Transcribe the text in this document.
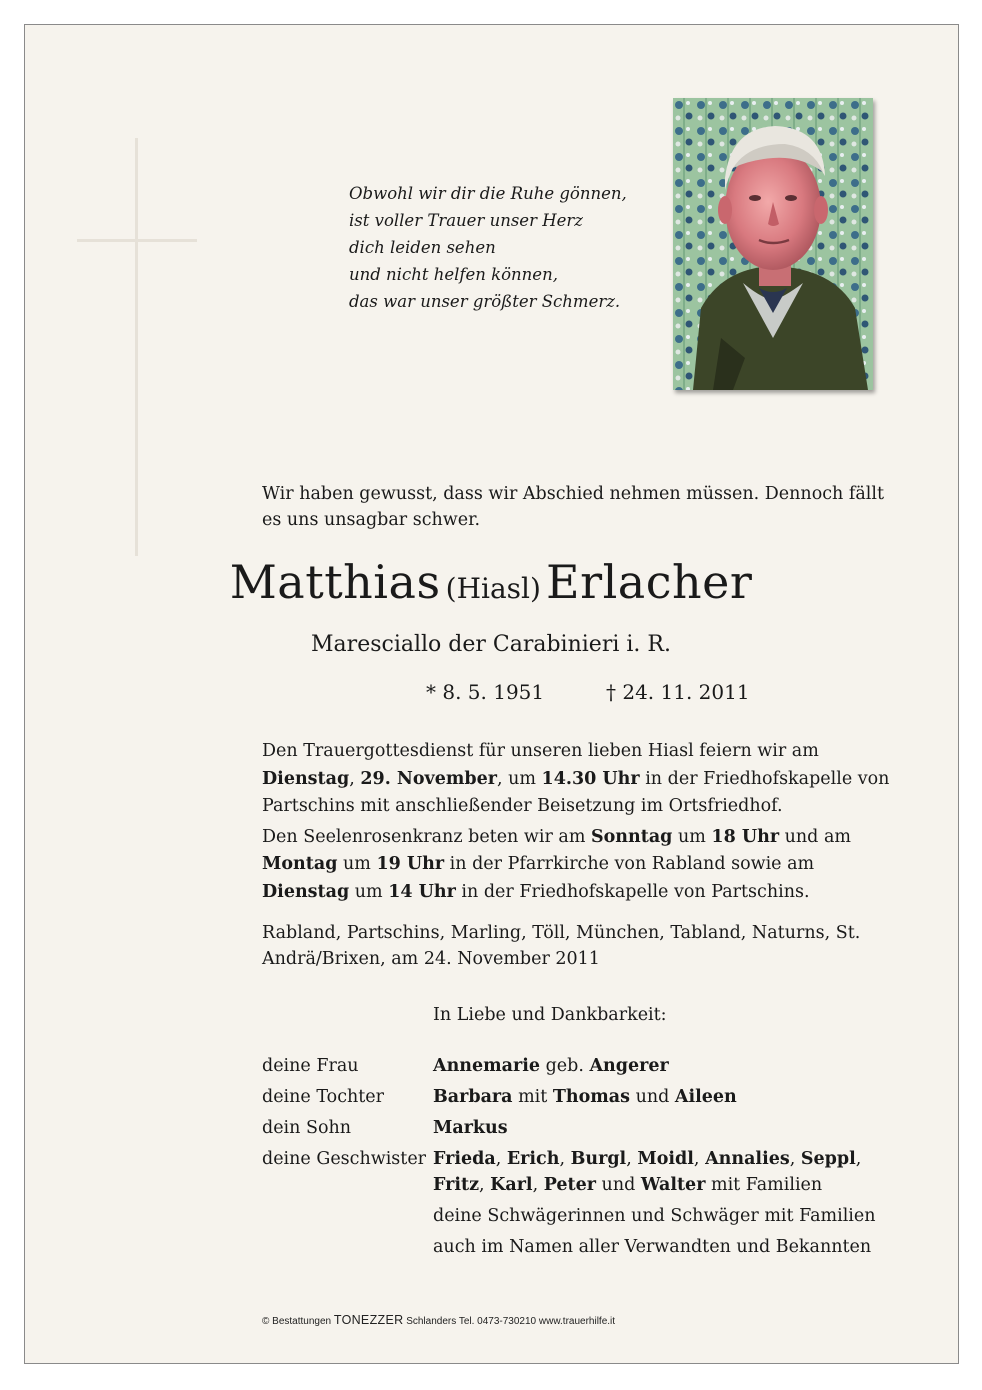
Obwohl wir dir die Ruhe gönnen,
ist voller Trauer unser Herz
dich leiden sehen
und nicht helfen können,
das war unser größter Schmerz.
Wir haben gewusst, dass wir Abschied nehmen müssen. Dennoch fällt es uns unsagbar schwer.
Matthias (Hiasl) Erlacher
Maresciallo der Carabinieri i. R.
* 8. 5. 1951	† 24. 11. 2011

Den Trauergottesdienst für unseren lieben Hiasl feiern wir am Dienstag, 29. November, um 14.30 Uhr in der Friedhofskapelle von Partschins mit anschließender Beisetzung im Ortsfriedhof.

Den Seelenrosenkranz beten wir am Sonntag um 18 Uhr und am Montag um 19 Uhr in der Pfarrkirche von Rabland sowie am Dienstag um 14 Uhr in der Friedhofskapelle von Partschins.

Rabland, Partschins, Marling, Töll, München, Tabland, Naturns, St. Andrä/Brixen, am 24. November 2011
In Liebe und Dankbarkeit:
deine Frau	Annemarie geb. Angerer
deine Tochter	Barbara mit Thomas und Aileen
dein Sohn	Markus
deine Geschwister	Frieda, Erich, Burgl, Moidl, Annalies, Seppl, Fritz, Karl, Peter und Walter mit Familien
	deine Schwägerinnen und Schwäger mit Familien
	auch im Namen aller Verwandten und Bekannten
© Bestattungen TONEZZER Schlanders Tel. 0473-730210 www.trauerhilfe.it
